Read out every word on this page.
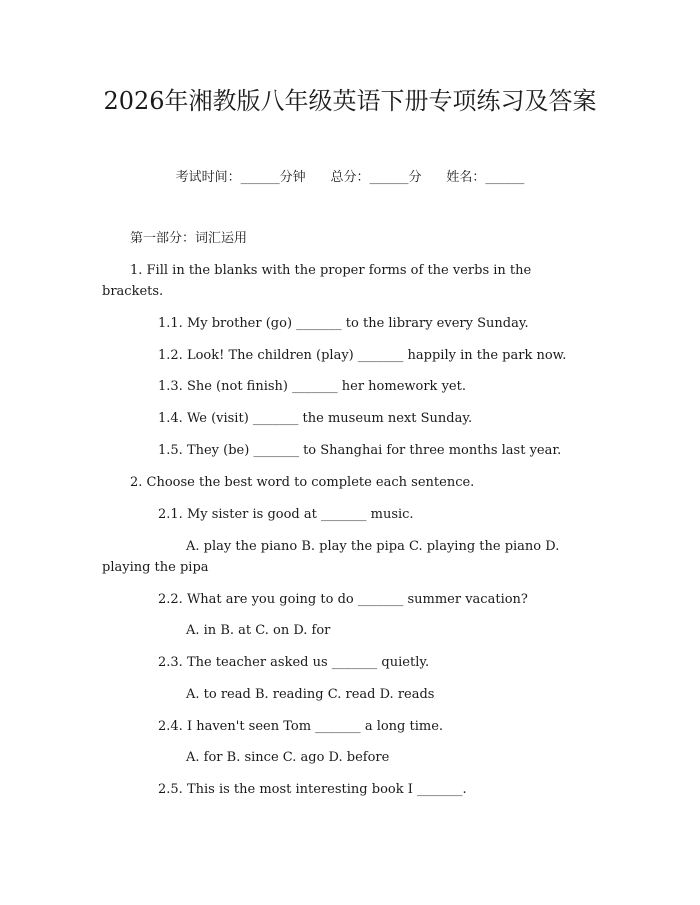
2026年湘教版八年级英语下册专项练习及答案
考试时间：______分钟 总分：______分 姓名：______
第一部分：词汇运用
1. Fill in the blanks with the proper forms of the verbs in the brackets.
1.1. My brother (go) _______ to the library every Sunday.
1.2. Look! The children (play) _______ happily in the park now.
1.3. She (not finish) _______ her homework yet.
1.4. We (visit) _______ the museum next Sunday.
1.5. They (be) _______ to Shanghai for three months last year.
2. Choose the best word to complete each sentence.
2.1. My sister is good at _______ music.
A. play the piano B. play the pipa C. playing the piano D. playing the pipa
2.2. What are you going to do _______ summer vacation?
A. in B. at C. on D. for
2.3. The teacher asked us _______ quietly.
A. to read B. reading C. read D. reads
2.4. I haven't seen Tom _______ a long time.
A. for B. since C. ago D. before
2.5. This is the most interesting book I _______.
